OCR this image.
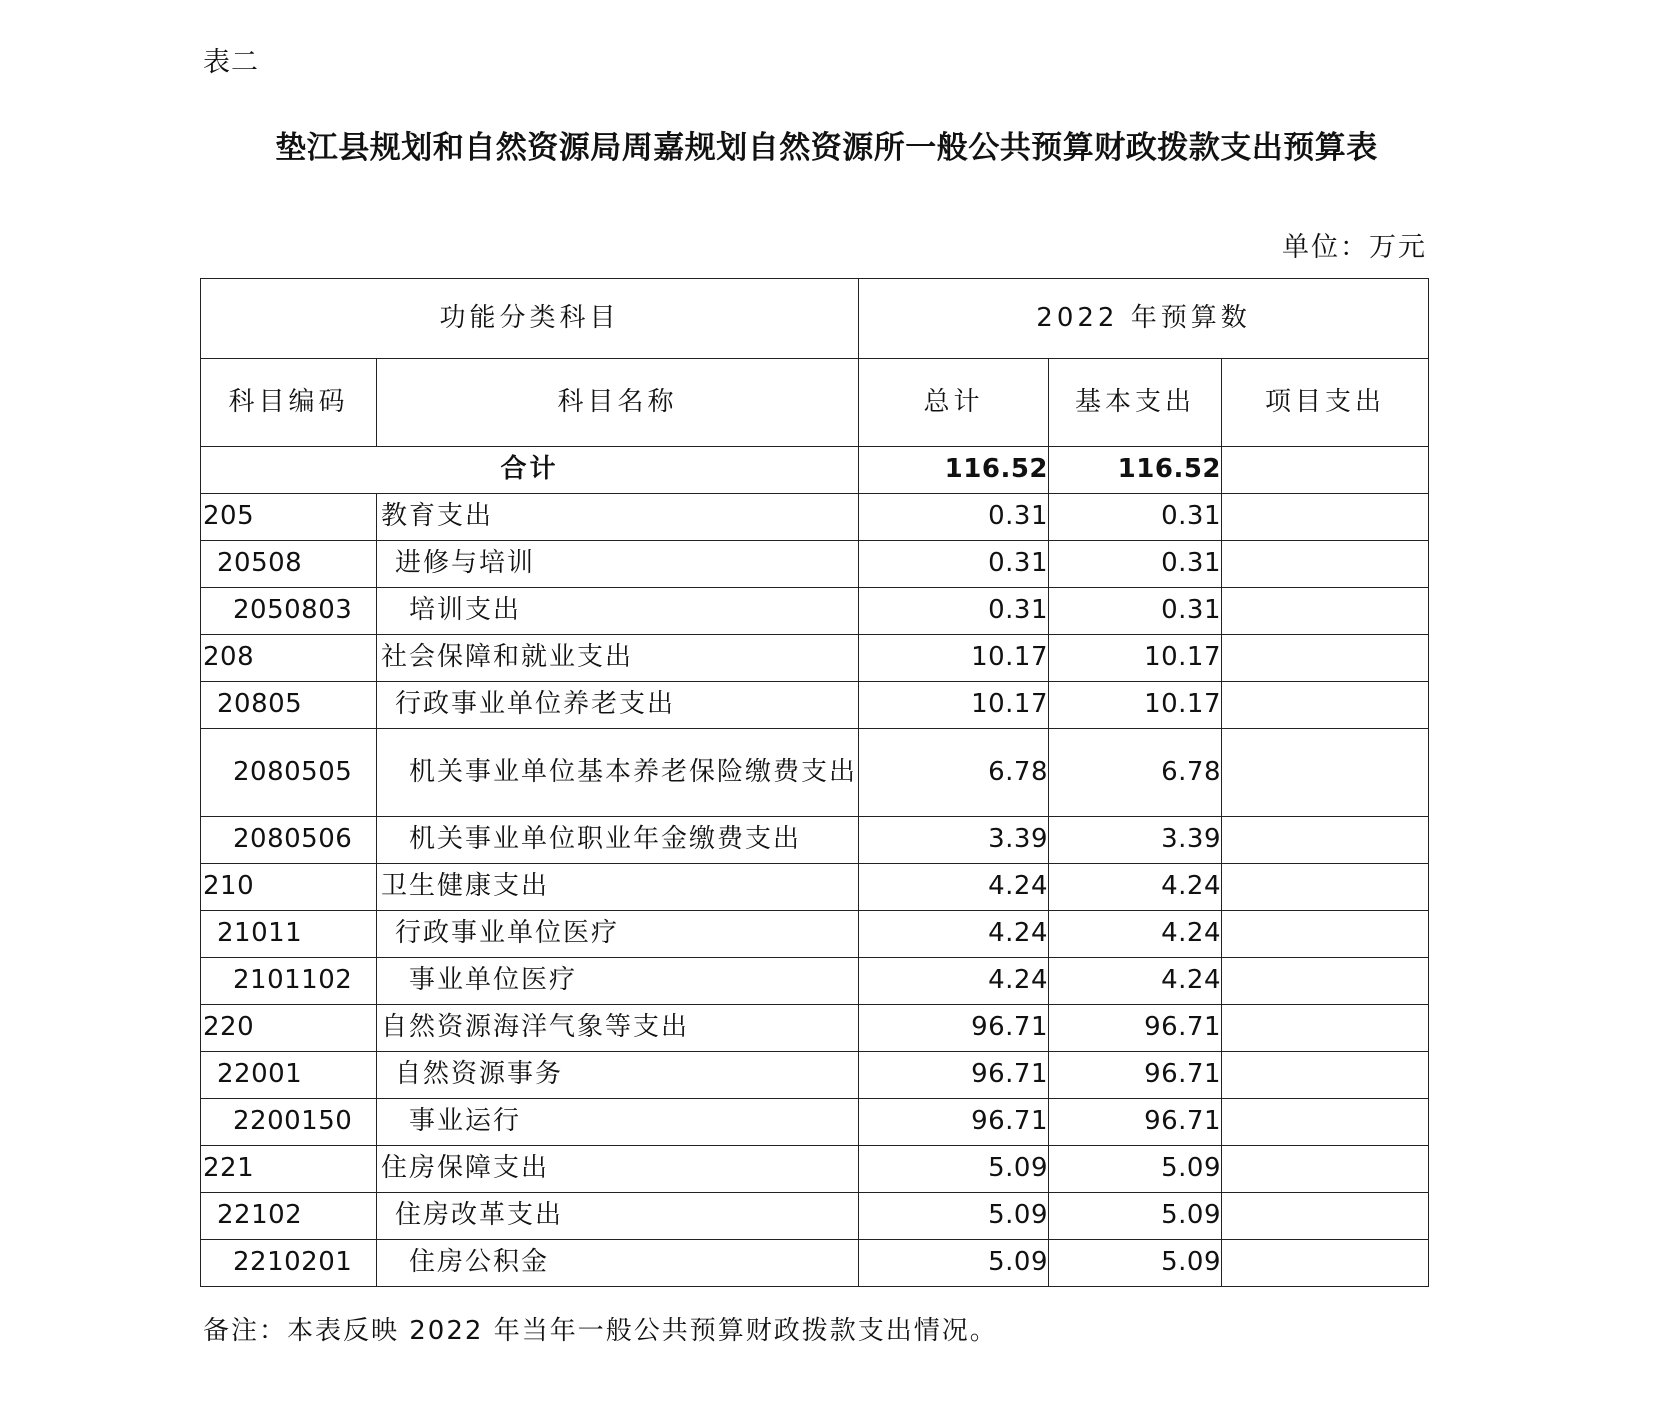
表二
垫江县规划和自然资源局周嘉规划自然资源所一般公共预算财政拨款支出预算表
单位：万元
功能分类科目		2022 年预算数		
科目编码	科目名称	总计	基本支出	项目支出
合计		116.52	116.52	
205	教育支出	0.31	0.31	
20508	进修与培训	0.31	0.31	
2050803	培训支出	0.31	0.31	
208	社会保障和就业支出	10.17	10.17	
20805	行政事业单位养老支出	10.17	10.17	
2080505	机关事业单位基本养老保险缴费支出	6.78	6.78	
2080506	机关事业单位职业年金缴费支出	3.39	3.39	
210	卫生健康支出	4.24	4.24	
21011	行政事业单位医疗	4.24	4.24	
2101102	事业单位医疗	4.24	4.24	
220	自然资源海洋气象等支出	96.71	96.71	
22001	自然资源事务	96.71	96.71	
2200150	事业运行	96.71	96.71	
221	住房保障支出	5.09	5.09	
22102	住房改革支出	5.09	5.09	
2210201	住房公积金	5.09	5.09	
备注：本表反映 2022 年当年一般公共预算财政拨款支出情况。
